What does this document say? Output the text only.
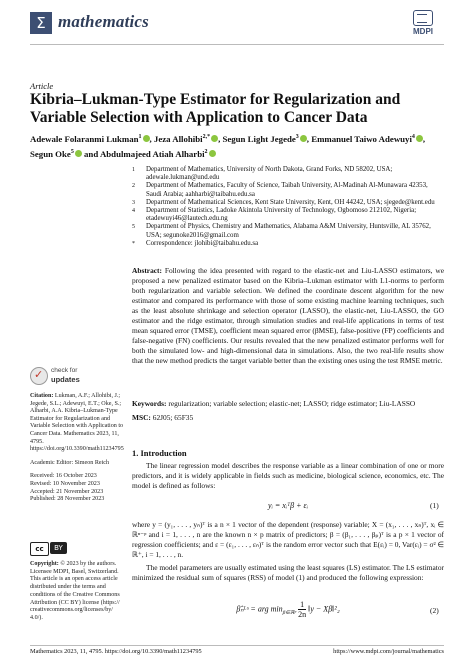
Σ mathematics
MDPI
Article
Kibria–Lukman-Type Estimator for Regularization and Variable Selection with Application to Cancer Data
Adewale Folaranmi Lukman$^1$ , Jeza Allohibi$^{2,*}$ , Segun Light Jegede$^3$ , Emmanuel Taiwo Adewuyi$^4$ , Segun Oke$^5$ and Abdulmajeed Atiah Alharbi$^2$
1	Department of Mathematics, University of North Dakota, Grand Forks, ND 58202, USA; adewale.lukman@und.edu
2	Department of Mathematics, Faculty of Science, Taibah University, Al-Madinah Al-Munawara 42353, Saudi Arabia; aahharbi@taibahu.edu.sa
3	Department of Mathematical Sciences, Kent State University, Kent, OH 44242, USA; sjegede@kent.edu
4	Department of Statistics, Ladoke Akintola University of Technology, Ogbomoso 212102, Nigeria; etadewuyi46@lautech.edu.ng
5	Department of Physics, Chemistry and Mathematics, Alabama A&M University, Huntsville, AL 35762, USA; segunoke2016@gmail.com
*	Correspondence: jlohibi@taibahu.edu.sa
Abstract: Following the idea presented with regard to the elastic-net and Liu-LASSO estimators, we proposed a new penalized estimator based on the Kibria–Lukman estimator with L1-norms to perform both regularization and variable selection. We defined the coordinate descent algorithm for the new estimator and compared its performance with those of some existing machine learning techniques, such as the least absolute shrinkage and selection operator (LASSO), the elastic-net, Liu-LASSO, the GO estimator and the ridge estimator, through simulation studies and real-life applications in terms of test mean squared error (TMSE), coefficient mean squared error (βMSE), false-positive (FP) coefficients and false-negative (FN) coefficients. Our results revealed that the new penalized estimator performs well for both the simulated low- and high-dimensional data in simulations. Also, the two real-life results show that the new method predicts the target variable better than the existing ones using the test RMSE metric.
Keywords: regularization; variable selection; elastic-net; LASSO; ridge estimator; Liu-LASSO
MSC: 62J05; 65F35
✓
check for
updates

Citation: Lukman, A.F.; Allohibi, J.; Jegede, S.L.; Adewuyi, E.T.; Oke, S.; Alharbi, A.A. Kibria–Lukman-Type Estimator for Regularization and Variable Selection with Application to Cancer Data. Mathematics 2023, 11, 4795. https://doi.org/10.3390/math11234795

Academic Editor: Simeon Reich

Received: 16 October 2023

Revised: 10 November 2023

Accepted: 21 November 2023

Published: 28 November 2023

cc	BY
Copyright: © 2023 by the authors. Licensee MDPI, Basel, Switzerland. This article is an open access article distributed under the terms and conditions of the Creative Commons Attribution (CC BY) license (https:// creativecommons.org/licenses/by/ 4.0/).
1. Introduction
The linear regression model describes the response variable as a linear combination of one or more predictors, and it is widely applicable in fields such as medicine, biological science, economics, etc. The model is defined as follows:
yᵢ = xᵢᵀβ + εᵢ	(1)
where y = (y₁, . . . , yₙ)ᵀ is a n × 1 vector of the dependent (response) variable; X = (x₁, . . . , xₙ)ᵀ, xᵢ ∈ ℝⁿ⁻ᵖ and i = 1, . . . , n are the known n × p matrix of predictors; β = (β₁, . . . , βₚ)ᵀ is a p × 1 vector of regression coefficients; and ε = (ε₁, . . . , εₙ)ᵀ is the random error vector such that E(εᵢ) = 0, Var(εᵢ) = σ² ∈ ℝ⁺, i = 1, . . . , n.
The model parameters are usually estimated using the least squares (LS) estimator. The LS estimator minimized the residual sum of squares (RSS) of model (1) and produced the following expression:
β̂ₙᴸˢ = arg $\min_{\beta\in ℝᵖ} \frac{1}{2n}$ ‖y − Xβ‖²₂	(2)
Mathematics 2023, 11, 4795. https://doi.org/10.3390/math11234795	https://www.mdpi.com/journal/mathematics
